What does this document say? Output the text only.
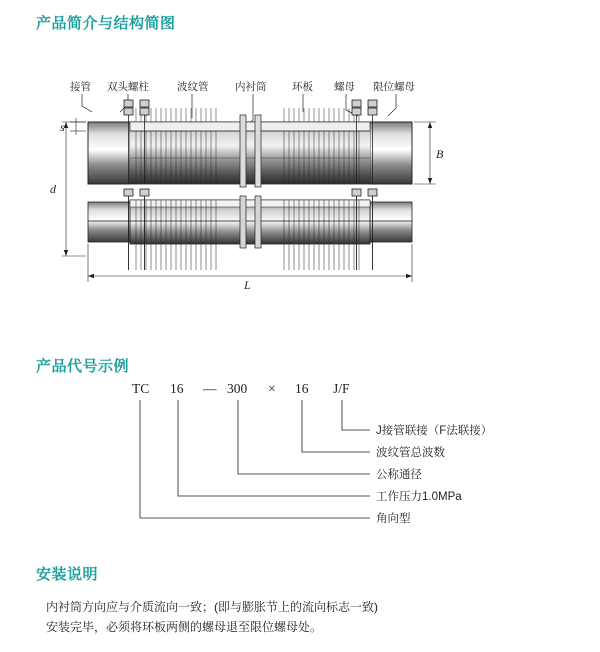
产品简介与结构简图
接管 双头螺柱	波纹管	内衬筒 环板 螺母 限位螺母
s
d
B
L
产品代号示例
TC 16 — 300 × 16 J/F
J接管联接（F法联接）
波纹管总波数
公称通径
工作压力1.0MPa
角向型
安装说明
内衬筒方向应与介质流向一致；(即与膨胀节上的流向标志一致)
安装完毕，必须将环板两侧的螺母退至限位螺母处。
